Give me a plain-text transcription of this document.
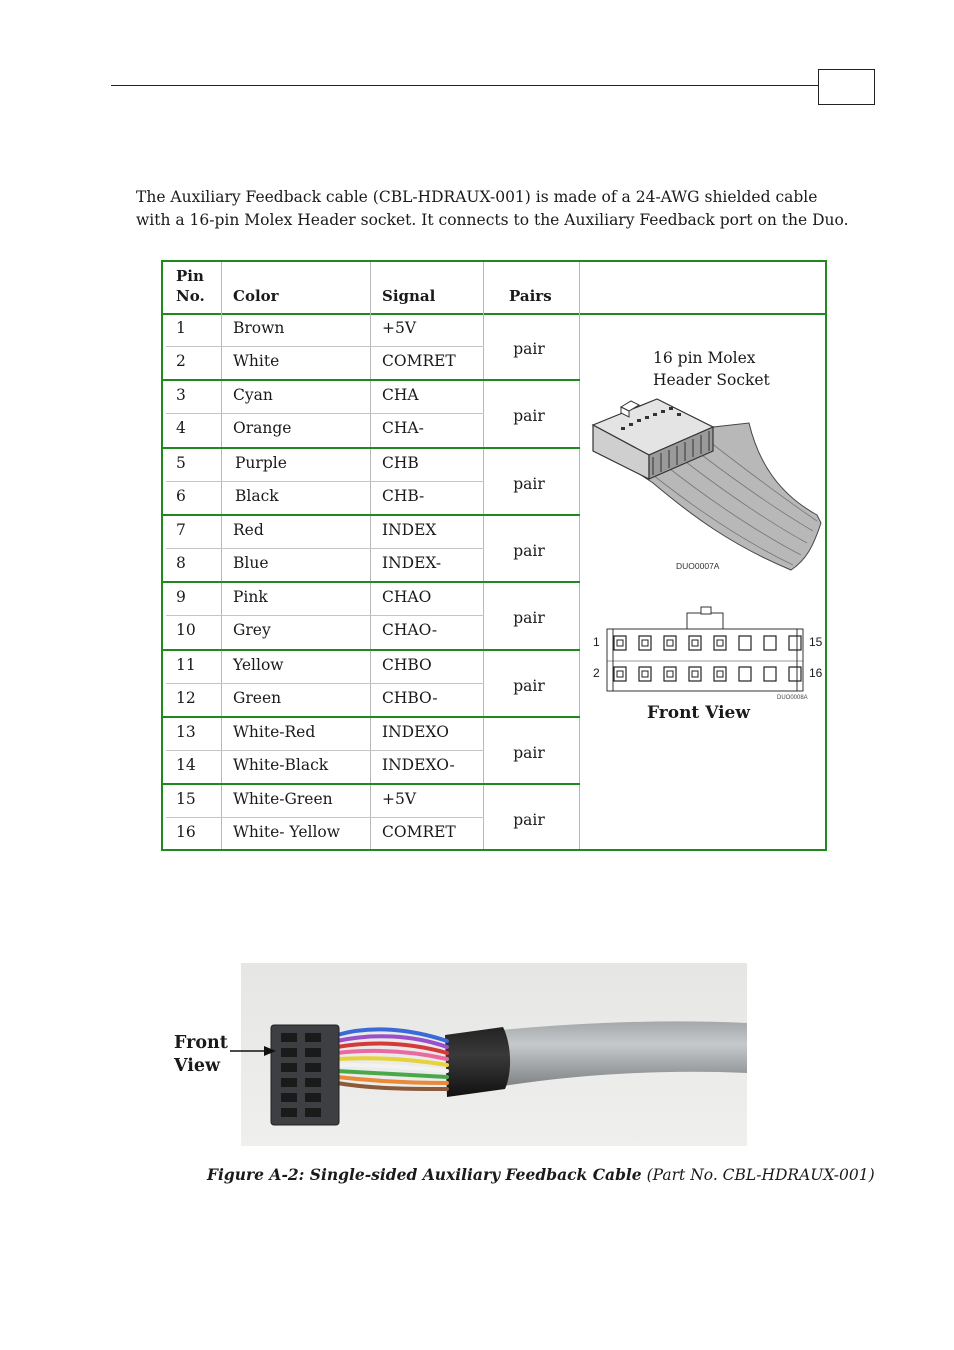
The Auxiliary Feedback cable (CBL-HDRAUX-001) is made of a 24-AWG shielded cable with a 16-pin Molex Header socket. It connects to the Auxiliary Feedback port on the Duo.

Pin
No. Color	Signal	Pairs
1	Brown	+5V
pair
2	White	COMRET
3	Cyan	CHA
pair
4	Orange	CHA-
5	Purple	CHB
pair
6	Black	CHB-
7	Red	INDEX
pair
8	Blue	INDEX-
9	Pink	CHAO
pair
10 Grey	CHAO-
11 Yellow	CHBO
pair
12 Green	CHBO-
13 White-Red	INDEXO
pair
14 White-Black	INDEXO-
15 White-Green	+5V
pair
16 White- Yellow	COMRET
16 pin Molex
Header Socket
DUO0007A
1
2
15
16
DUO0008A
Front View
Front
View
Figure A-2: Single-sided Auxiliary Feedback Cable (Part No. CBL-HDRAUX-001)
